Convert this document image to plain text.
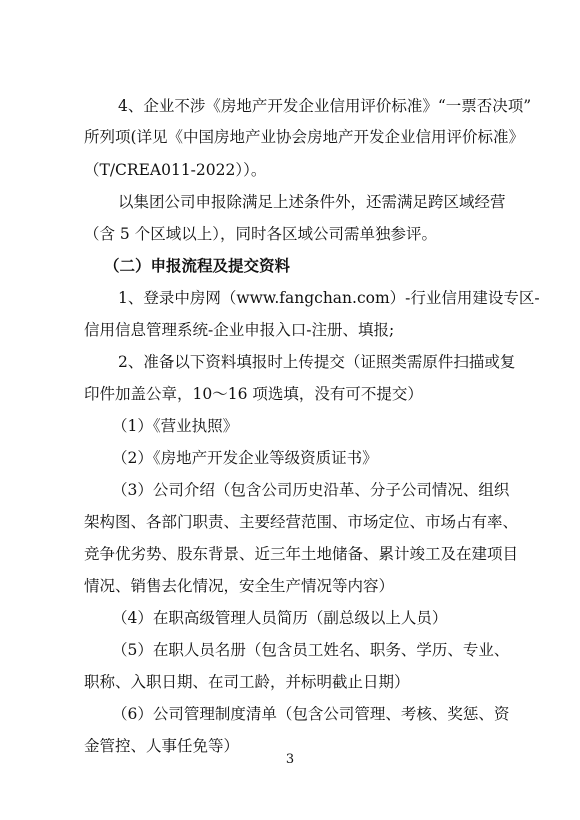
4、企业不涉《房地产开发企业信用评价标准》“一票否决项”
所列项(详见《中国房地产业协会房地产开发企业信用评价标准》
（T/CREA011-2022））。
以集团公司申报除满足上述条件外，还需满足跨区域经营
（含 5 个区域以上），同时各区域公司需单独参评。
（二）申报流程及提交资料
1、登录中房网（www.fangchan.com）-行业信用建设专区-
信用信息管理系统-企业申报入口-注册、填报;
2、准备以下资料填报时上传提交（证照类需原件扫描或复
印件加盖公章，10～16 项选填，没有可不提交）
（1）《营业执照》
（2）《房地产开发企业等级资质证书》
（3）公司介绍（包含公司历史沿革、分子公司情况、组织
架构图、各部门职责、主要经营范围、市场定位、市场占有率、
竞争优劣势、股东背景、近三年土地储备、累计竣工及在建项目
情况、销售去化情况，安全生产情况等内容）
（4）在职高级管理人员简历（副总级以上人员）
（5）在职人员名册（包含员工姓名、职务、学历、专业、
职称、入职日期、在司工龄，并标明截止日期）
（6）公司管理制度清单（包含公司管理、考核、奖惩、资
金管控、人事任免等）
3
